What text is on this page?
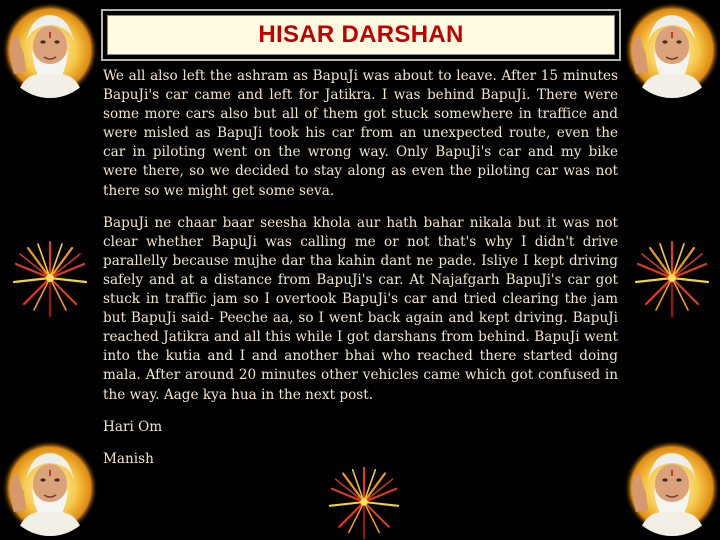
HISAR DARSHAN

We all also left the ashram as BapuJi was about to leave. After 15 minutes BapuJi's car came and left for Jatikra. I was behind BapuJi. There were some more cars also but all of them got stuck somewhere in traffice and were misled as BapuJi took his car from an unexpected route, even the car in piloting went on the wrong way. Only BapuJi's car and my bike were there, so we decided to stay along as even the piloting car was not there so we might get some seva.

BapuJi ne chaar baar seesha khola aur hath bahar nikala but it was not clear whether BapuJi was calling me or not that's why I didn't drive parallelly because mujhe dar tha kahin dant ne pade. Isliye I kept driving safely and at a distance from BapuJi's car. At Najafgarh BapuJi's car got stuck in traffic jam so I overtook BapuJi's car and tried clearing the jam but BapuJi said- Peeche aa, so I went back again and kept driving. BapuJi reached Jatikra and all this while I got darshans from behind. BapuJi went into the kutia and I and another bhai who reached there started doing mala. After around 20 minutes other vehicles came which got confused in the way. Aage kya hua in the next post.

Hari Om

Manish
